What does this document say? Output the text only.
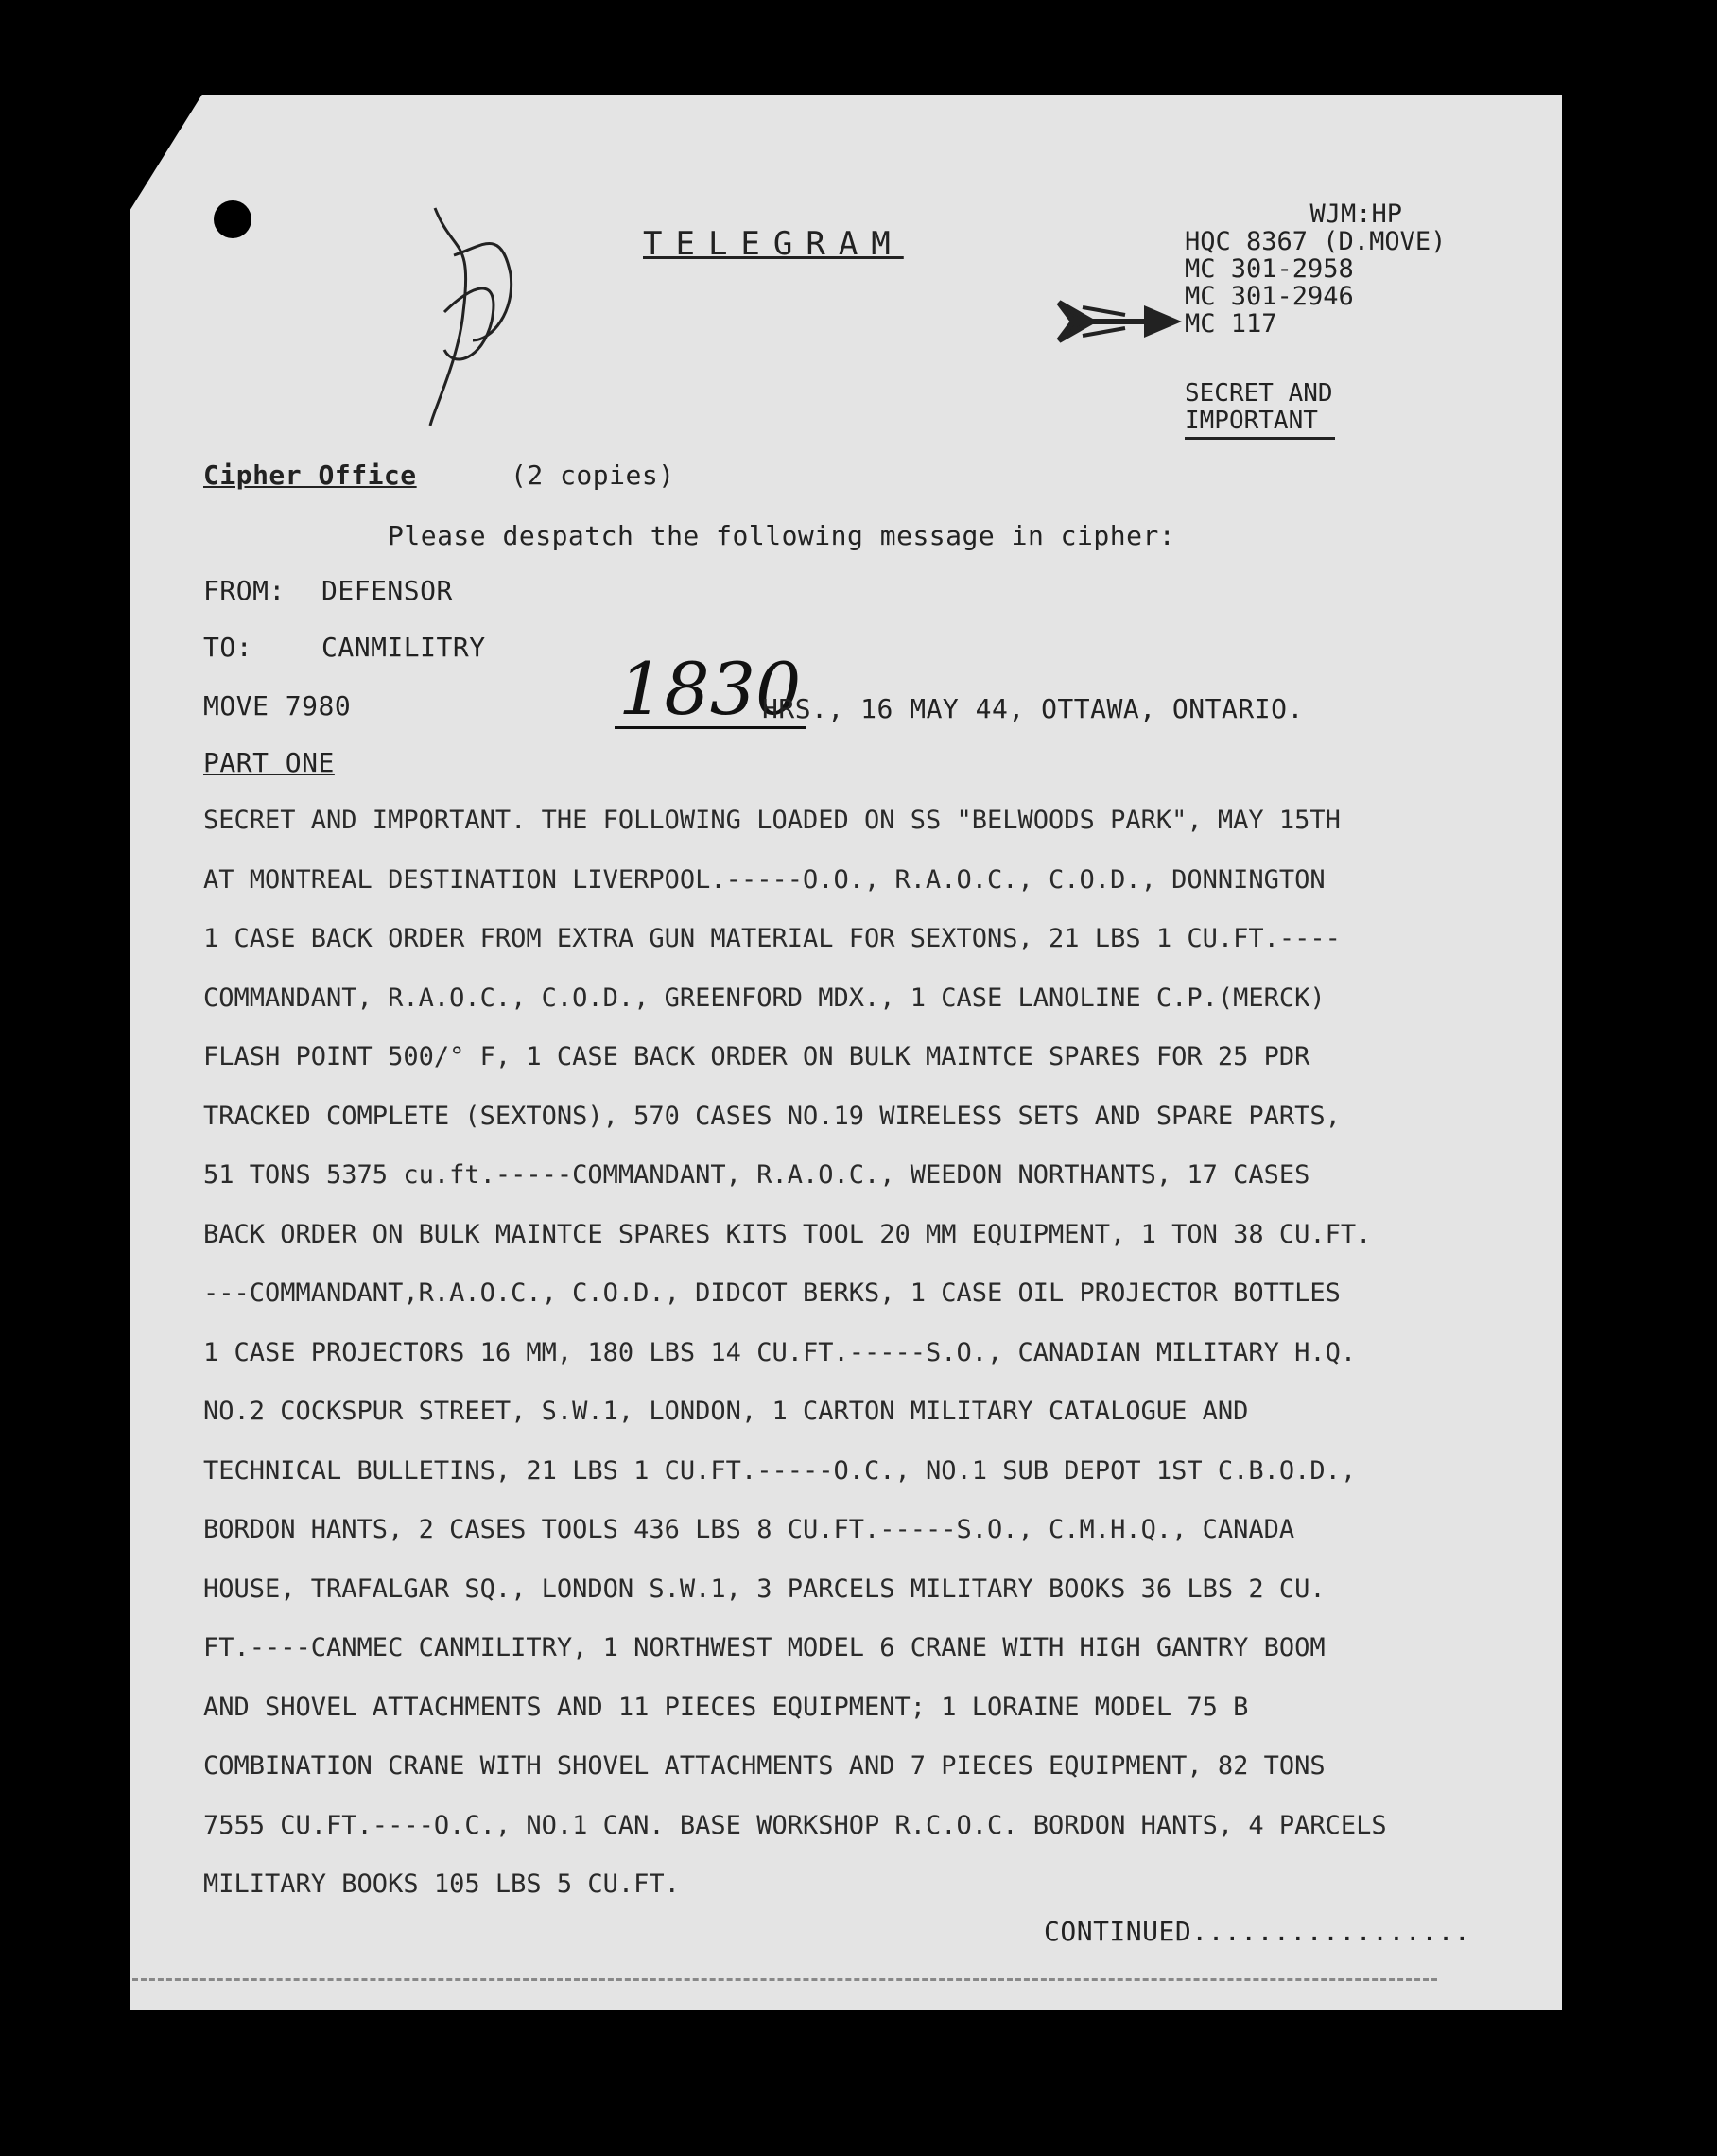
TELEGRAM
WJM:HP
HQC 8367 (D.MOVE)
MC 301-2958
MC 301-2946
MC 117
SECRET AND
IMPORTANT
Cipher Office	(2 copies)
Please despatch the following message in cipher:
FROM: DEFENSOR
TO:	CANMILITRY
MOVE 7980	1830
HRS., 16 MAY 44, OTTAWA, ONTARIO.
PART ONE
SECRET AND IMPORTANT. THE FOLLOWING LOADED ON SS "BELWOODS PARK", MAY 15TH
AT MONTREAL DESTINATION LIVERPOOL.-----O.O., R.A.O.C., C.O.D., DONNINGTON
1 CASE BACK ORDER FROM EXTRA GUN MATERIAL FOR SEXTONS, 21 LBS 1 CU.FT.----
COMMANDANT, R.A.O.C., C.O.D., GREENFORD MDX., 1 CASE LANOLINE C.P.(MERCK)
FLASH POINT 500/° F, 1 CASE BACK ORDER ON BULK MAINTCE SPARES FOR 25 PDR
TRACKED COMPLETE (SEXTONS), 570 CASES NO.19 WIRELESS SETS AND SPARE PARTS,
51 TONS 5375 cu.ft.-----COMMANDANT, R.A.O.C., WEEDON NORTHANTS, 17 CASES
BACK ORDER ON BULK MAINTCE SPARES KITS TOOL 20 MM EQUIPMENT, 1 TON 38 CU.FT.
---COMMANDANT,R.A.O.C., C.O.D., DIDCOT BERKS, 1 CASE OIL PROJECTOR BOTTLES
1 CASE PROJECTORS 16 MM, 180 LBS 14 CU.FT.-----S.O., CANADIAN MILITARY H.Q.
NO.2 COCKSPUR STREET, S.W.1, LONDON, 1 CARTON MILITARY CATALOGUE AND
TECHNICAL BULLETINS, 21 LBS 1 CU.FT.-----O.C., NO.1 SUB DEPOT 1ST C.B.O.D.,
BORDON HANTS, 2 CASES TOOLS 436 LBS 8 CU.FT.-----S.O., C.M.H.Q., CANADA
HOUSE, TRAFALGAR SQ., LONDON S.W.1, 3 PARCELS MILITARY BOOKS 36 LBS 2 CU.
FT.----CANMEC CANMILITRY, 1 NORTHWEST MODEL 6 CRANE WITH HIGH GANTRY BOOM
AND SHOVEL ATTACHMENTS AND 11 PIECES EQUIPMENT; 1 LORAINE MODEL 75 B
COMBINATION CRANE WITH SHOVEL ATTACHMENTS AND 7 PIECES EQUIPMENT, 82 TONS
7555 CU.FT.----O.C., NO.1 CAN. BASE WORKSHOP R.C.O.C. BORDON HANTS, 4 PARCELS
MILITARY BOOKS 105 LBS 5 CU.FT.
CONTINUED.................
